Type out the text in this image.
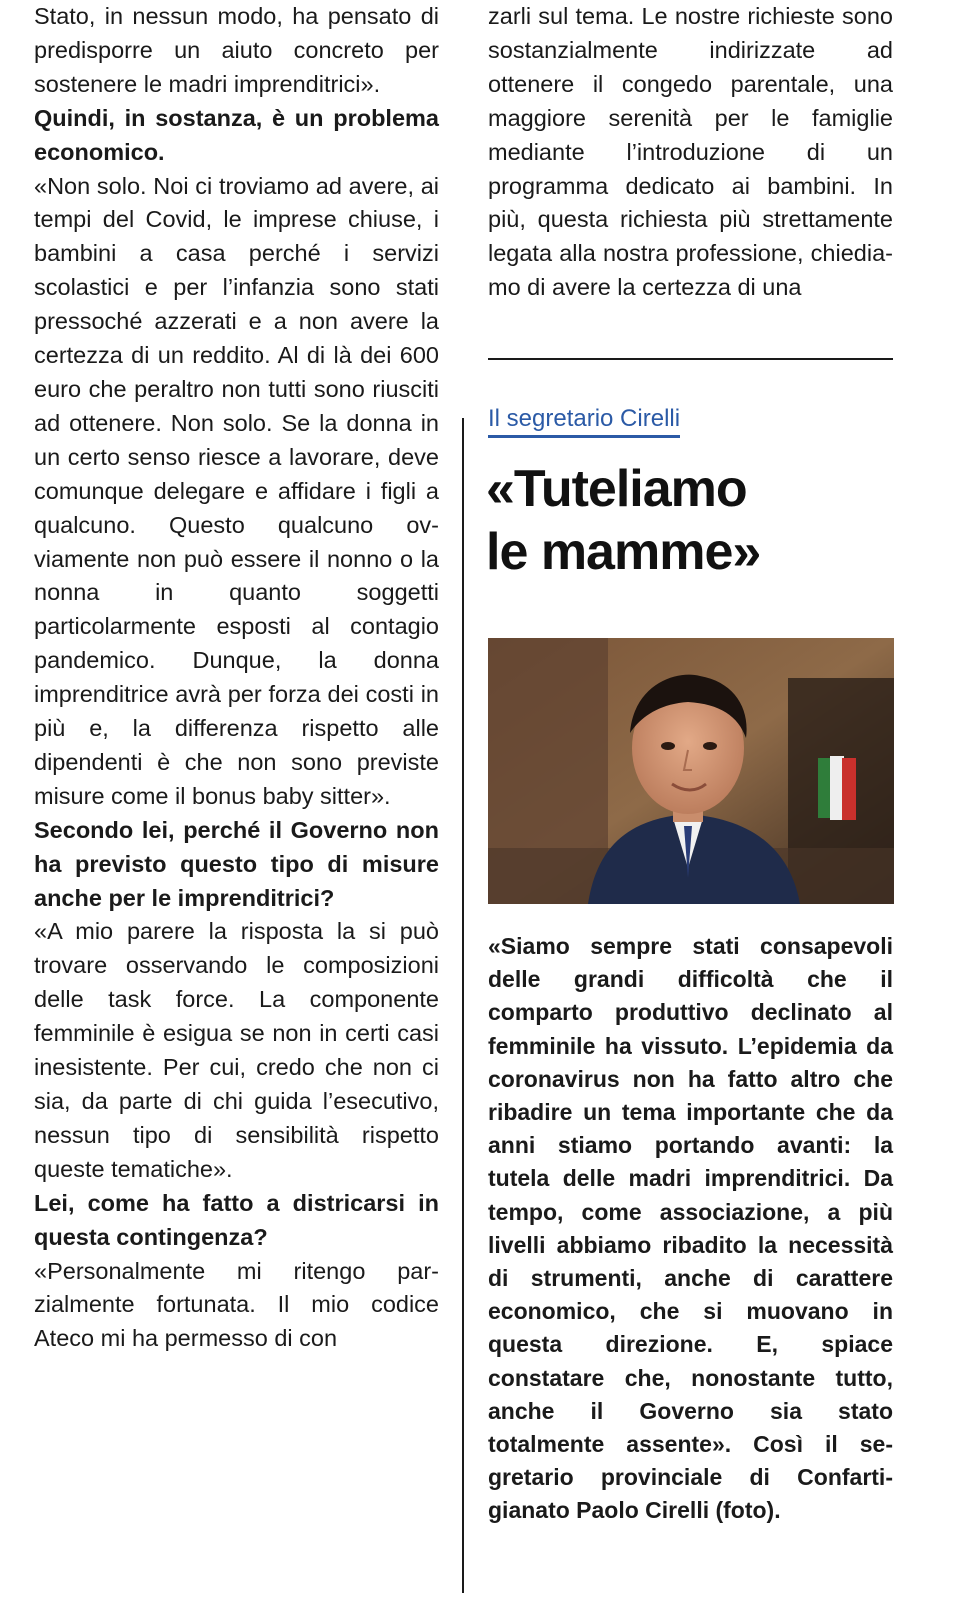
Stato, in nessun modo, ha pensato di predisporre un aiuto concreto per sostenere le madri imprenditrici».

Quindi, in sostanza, è un problema economico.

«Non solo. Noi ci troviamo ad avere, ai tempi del Covid, le imprese chiuse, i bambini a casa perché i servizi scolastici e per l’infanzia sono stati pressoché azzerati e a non avere la certezza di un reddito. Al di là dei 600 euro che peraltro non tutti sono riusciti ad ottenere. Non solo. Se la donna in un certo senso riesce a lavorare, deve comunque delegare e affidare i figli a qualcuno. Questo qualcuno ovviamente non può essere il nonno o la nonna in quanto soggetti particolarmente esposti al contagio pandemico. Dunque, la donna imprenditrice avrà per forza dei costi in più e, la differenza rispetto alle dipendenti è che non sono previste misure come il bonus baby sitter».

Secondo lei, perché il Governo non ha previsto questo tipo di misure anche per le imprenditrici?

«A mio parere la risposta la si può trovare osservando le composizioni delle task force. La componente femminile è esigua se non in certi casi inesistente. Per cui, credo che non ci sia, da parte di chi guida l’esecutivo, nessun tipo di sensibilità rispetto queste tematiche».

Lei, come ha fatto a districarsi in questa contingenza?

«Personalmente mi ritengo parzialmente fortunata. Il mio codice Ateco mi ha permesso di con

zarli sul tema. Le nostre richieste sono sostanzialmente indirizzate ad ottenere il congedo parentale, una maggiore serenità per le famiglie mediante l’introduzione di un programma dedicato ai bambini. In più, questa richiesta più strettamente legata alla nostra professione, chiediamo di avere la certezza di una

Il segretario Cirelli
«Tuteliamo
le mamme»

«Siamo sempre stati consapevoli delle grandi difficoltà che il comparto produttivo declinato al femminile ha vissuto. L’epidemia da coronavirus non ha fatto altro che ribadire un tema importante che da anni stiamo portando avanti: la tutela delle madri imprenditrici. Da tempo, come associazione, a più livelli abbiamo ribadito la necessità di strumenti, anche di carattere economico, che si muovano in questa direzione. E, spiace constatare che, nonostante tutto, anche il Governo sia stato totalmente assente». Così il segretario provinciale di Confartigianato Paolo Cirelli (foto).
